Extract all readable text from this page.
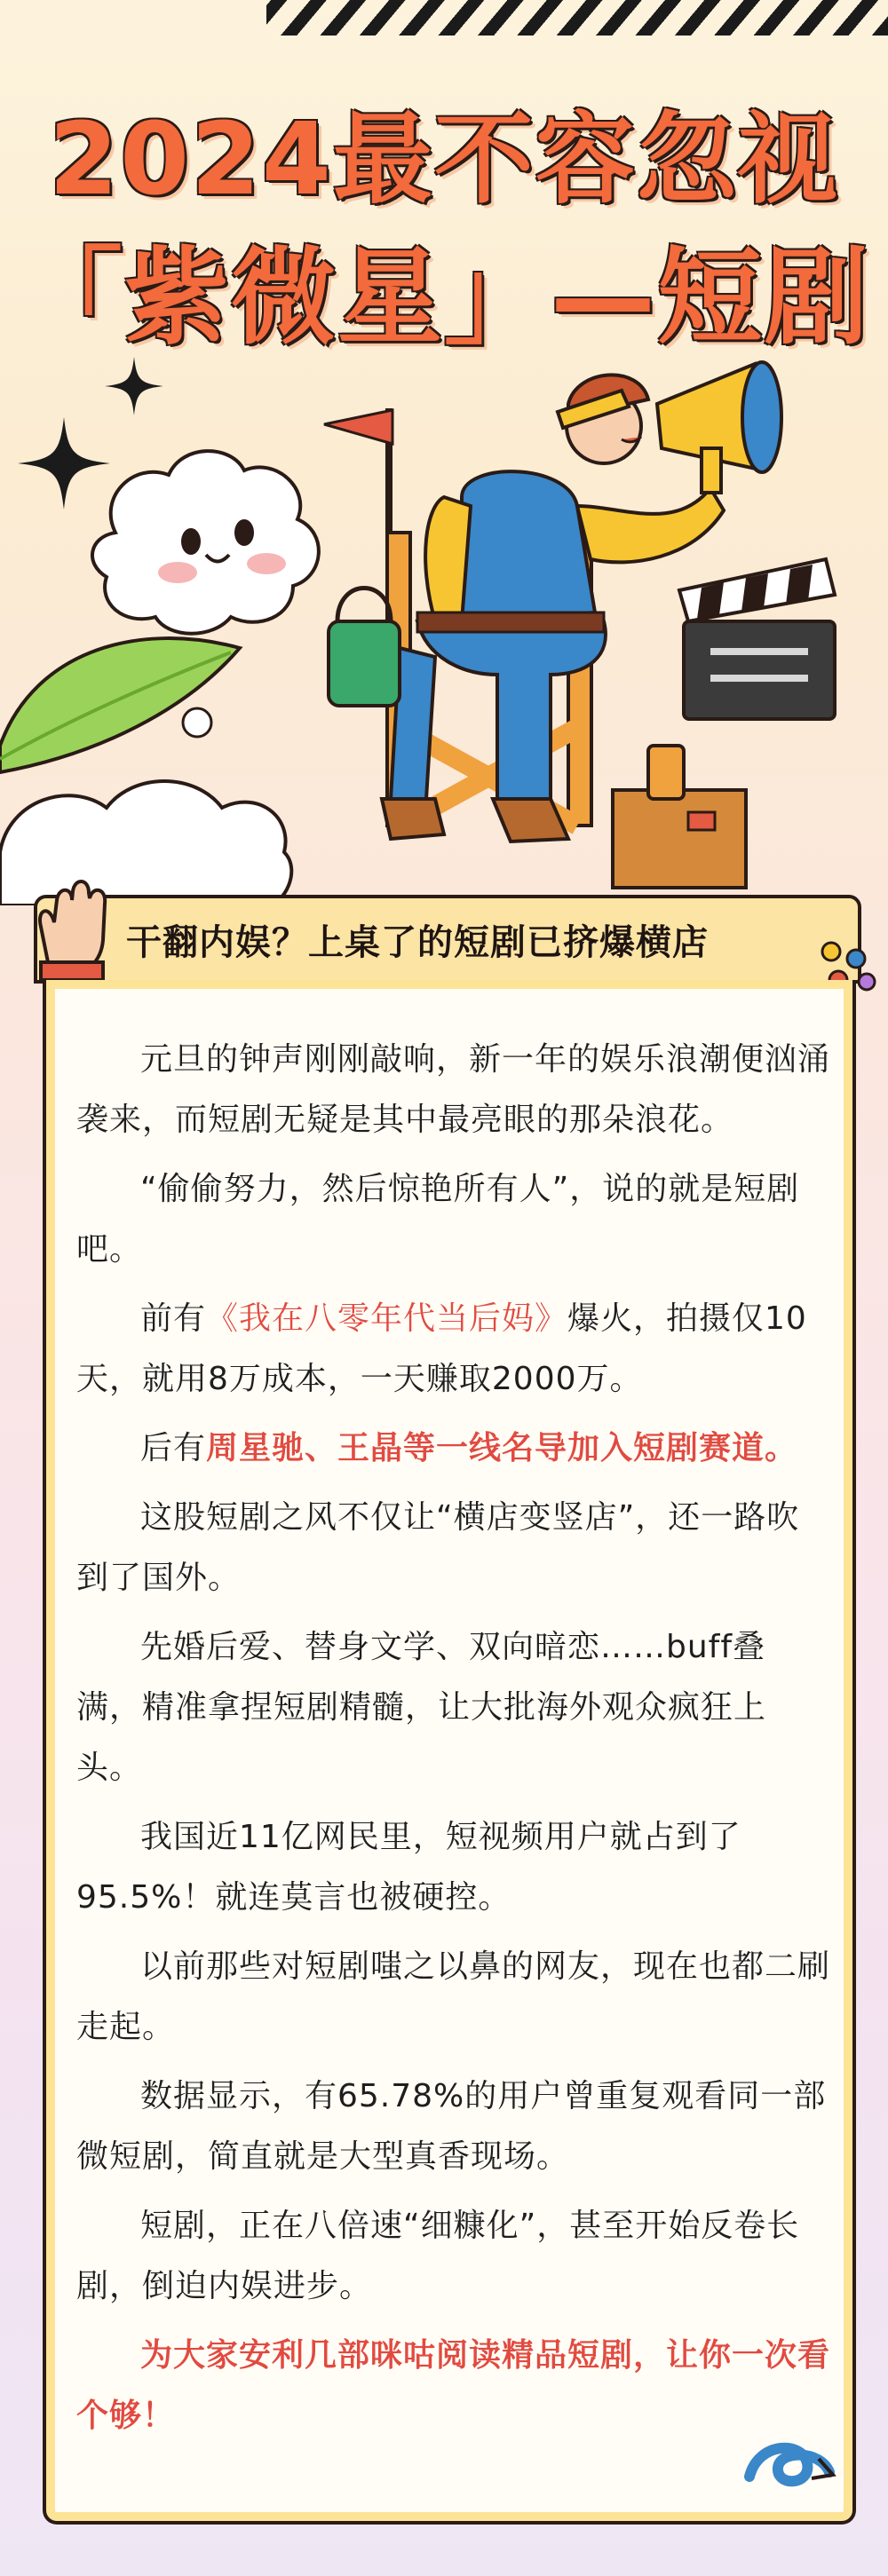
2024最不容忽视
「紫微星」—短剧
干翻内娱？上桌了的短剧已挤爆横店

元旦的钟声刚刚敲响，新一年的娱乐浪潮便汹涌袭来，而短剧无疑是其中最亮眼的那朵浪花。

“偷偷努力，然后惊艳所有人”，说的就是短剧吧。

前有《我在八零年代当后妈》爆火，拍摄仅10天，就用8万成本，一天赚取2000万。

后有周星驰、王晶等一线名导加入短剧赛道。

这股短剧之风不仅让“横店变竖店”，还一路吹到了国外。

先婚后爱、替身文学、双向暗恋……buff叠满，精准拿捏短剧精髓，让大批海外观众疯狂上头。

我国近11亿网民里，短视频用户就占到了95.5%！就连莫言也被硬控。

以前那些对短剧嗤之以鼻的网友，现在也都二刷走起。

数据显示，有65.78%的用户曾重复观看同一部微短剧，简直就是大型真香现场。

短剧，正在八倍速“细糠化”，甚至开始反卷长剧，倒迫内娱进步。

为大家安利几部咪咕阅读精品短剧，让你一次看个够！
